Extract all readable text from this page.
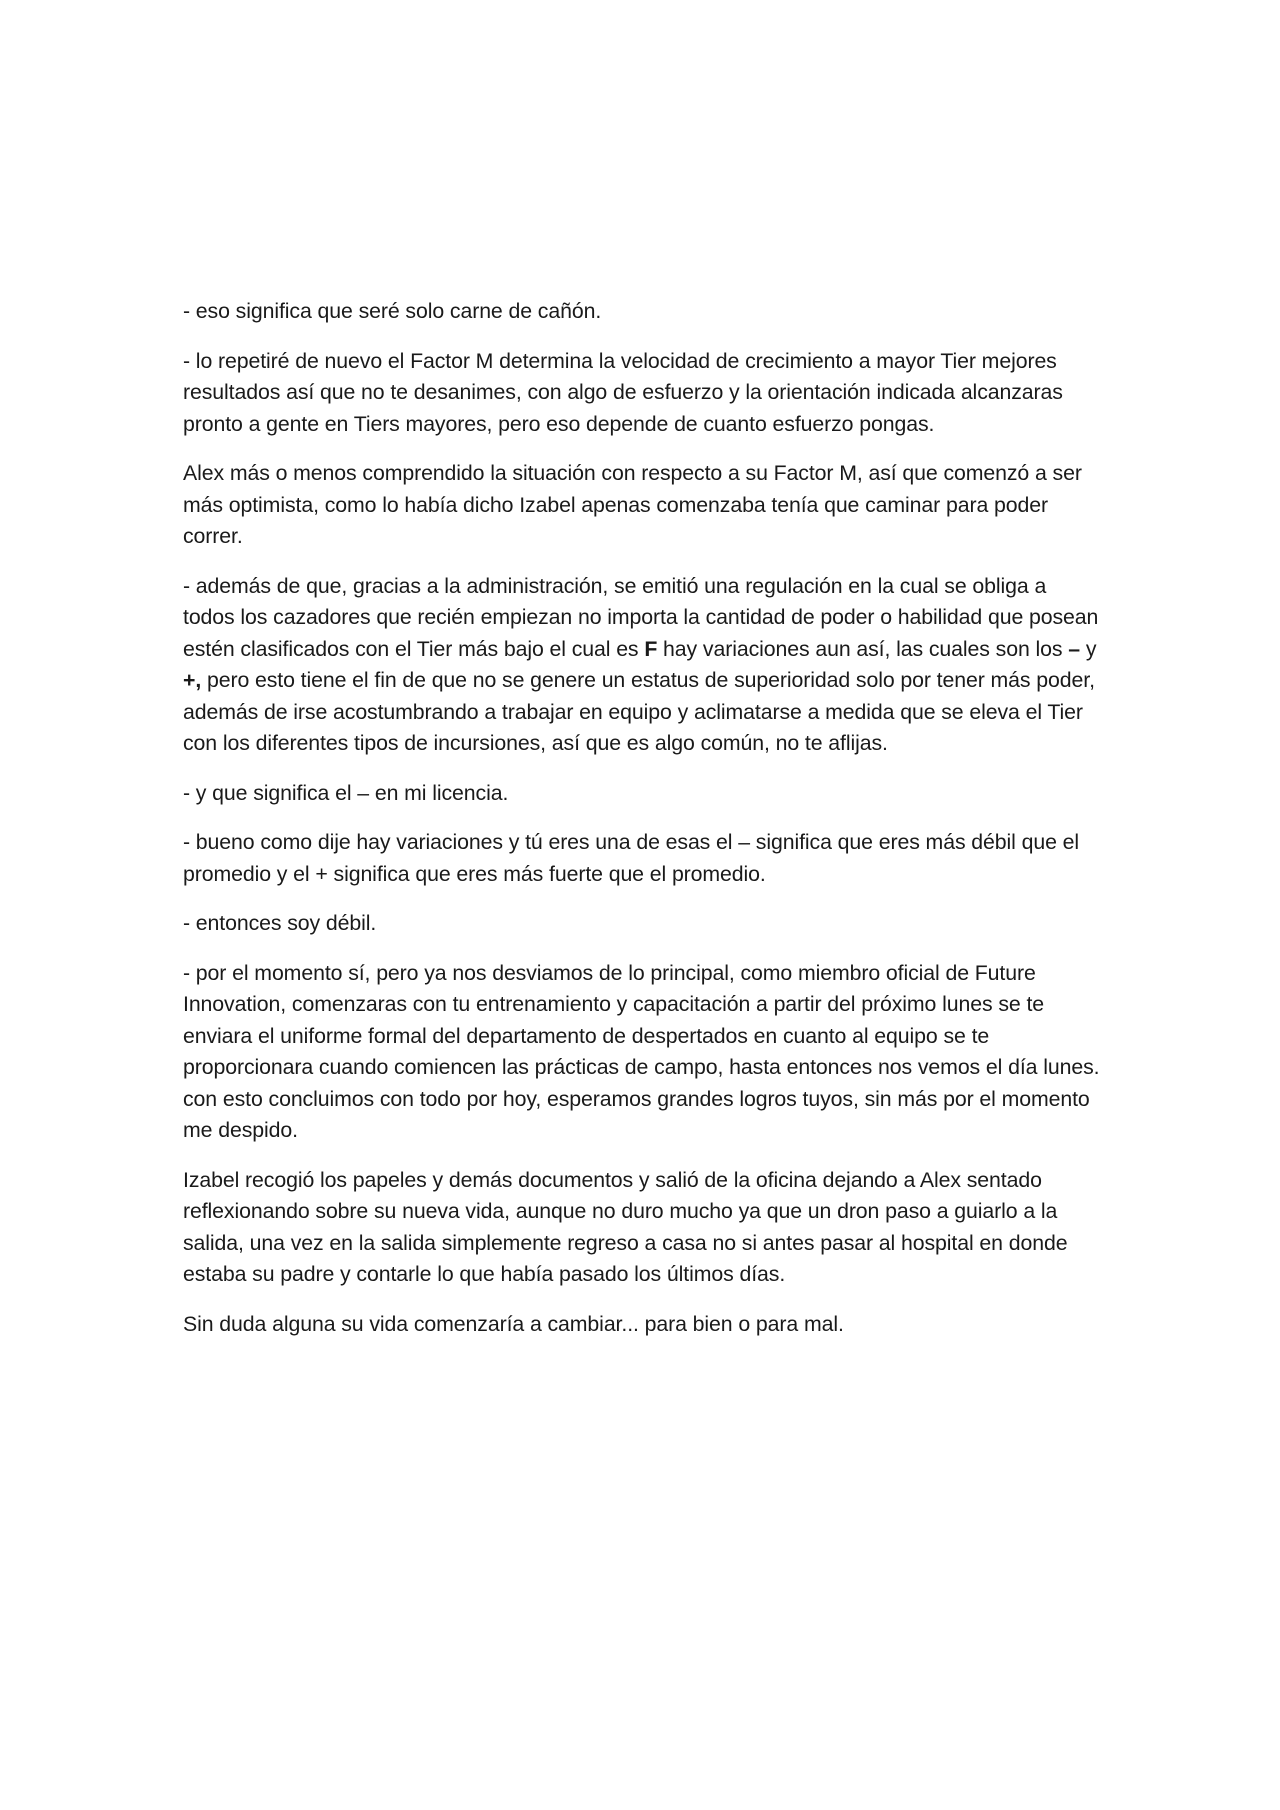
- eso significa que seré solo carne de cañón.

- lo repetiré de nuevo el Factor M determina la velocidad de crecimiento a mayor Tier mejores resultados así que no te desanimes, con algo de esfuerzo y la orientación indicada alcanzaras pronto a gente en Tiers mayores, pero eso depende de cuanto esfuerzo pongas.

Alex más o menos comprendido la situación con respecto a su Factor M, así que comenzó a ser más optimista, como lo había dicho Izabel apenas comenzaba tenía que caminar para poder correr.

- además de que, gracias a la administración, se emitió una regulación en la cual se obliga a todos los cazadores que recién empiezan no importa la cantidad de poder o habilidad que posean estén clasificados con el Tier más bajo el cual es F hay variaciones aun así, las cuales son los – y +, pero esto tiene el fin de que no se genere un estatus de superioridad solo por tener más poder, además de irse acostumbrando a trabajar en equipo y aclimatarse a medida que se eleva el Tier con los diferentes tipos de incursiones, así que es algo común, no te aflijas.

- y que significa el – en mi licencia.

- bueno como dije hay variaciones y tú eres una de esas el – significa que eres más débil que el promedio y el + significa que eres más fuerte que el promedio.

- entonces soy débil.

- por el momento sí, pero ya nos desviamos de lo principal, como miembro oficial de Future Innovation, comenzaras con tu entrenamiento y capacitación a partir del próximo lunes se te enviara el uniforme formal del departamento de despertados en cuanto al equipo se te proporcionara cuando comiencen las prácticas de campo, hasta entonces nos vemos el día lunes. con esto concluimos con todo por hoy, esperamos grandes logros tuyos, sin más por el momento me despido.

Izabel recogió los papeles y demás documentos y salió de la oficina dejando a Alex sentado reflexionando sobre su nueva vida, aunque no duro mucho ya que un dron paso a guiarlo a la salida, una vez en la salida simplemente regreso a casa no si antes pasar al hospital en donde estaba su padre y contarle lo que había pasado los últimos días.

Sin duda alguna su vida comenzaría a cambiar... para bien o para mal.
